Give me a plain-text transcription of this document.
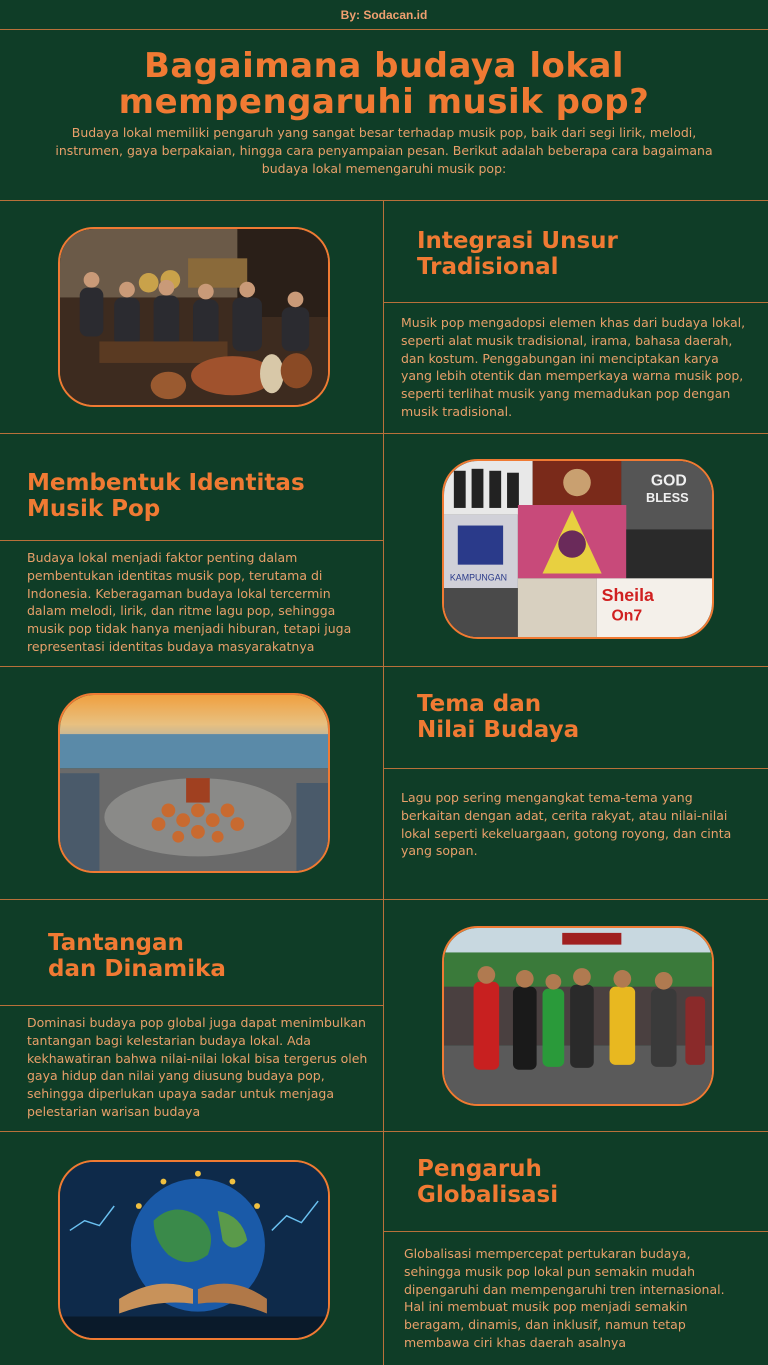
By: Sodacan.id
Bagaimana budaya lokal
mempengaruhi musik pop?
Budaya lokal memiliki pengaruh yang sangat besar terhadap musik pop, baik dari segi lirik, melodi, instrumen, gaya berpakaian, hingga cara penyampaian pesan. Berikut adalah beberapa cara bagaimana budaya lokal memengaruhi musik pop:
Integrasi Unsur
Tradisional
Musik pop mengadopsi elemen khas dari budaya lokal, seperti alat musik tradisional, irama, bahasa daerah, dan kostum. Penggabungan ini menciptakan karya yang lebih otentik dan memperkaya warna musik pop, seperti terlihat musik yang memadukan pop dengan musik tradisional.
Membentuk Identitas
Musik Pop
Budaya lokal menjadi faktor penting dalam pembentukan identitas musik pop, terutama di Indonesia. Keberagaman budaya lokal tercermin dalam melodi, lirik, dan ritme lagu pop, sehingga musik pop tidak hanya menjadi hiburan, tetapi juga representasi identitas budaya masyarakatnya
GOD
BLESS
KAMPUNGAN
Sheila
On7
Tema dan
Nilai Budaya
Lagu pop sering mengangkat tema-tema yang berkaitan dengan adat, cerita rakyat, atau nilai-nilai lokal seperti kekeluargaan, gotong royong, dan cinta yang sopan.
Tantangan
dan Dinamika
Dominasi budaya pop global juga dapat menimbulkan tantangan bagi kelestarian budaya lokal. Ada kekhawatiran bahwa nilai-nilai lokal bisa tergerus oleh gaya hidup dan nilai yang diusung budaya pop, sehingga diperlukan upaya sadar untuk menjaga pelestarian warisan budaya
Pengaruh
Globalisasi
Globalisasi mempercepat pertukaran budaya, sehingga musik pop lokal pun semakin mudah dipengaruhi dan mempengaruhi tren internasional. Hal ini membuat musik pop menjadi semakin beragam, dinamis, dan inklusif, namun tetap membawa ciri khas daerah asalnya
